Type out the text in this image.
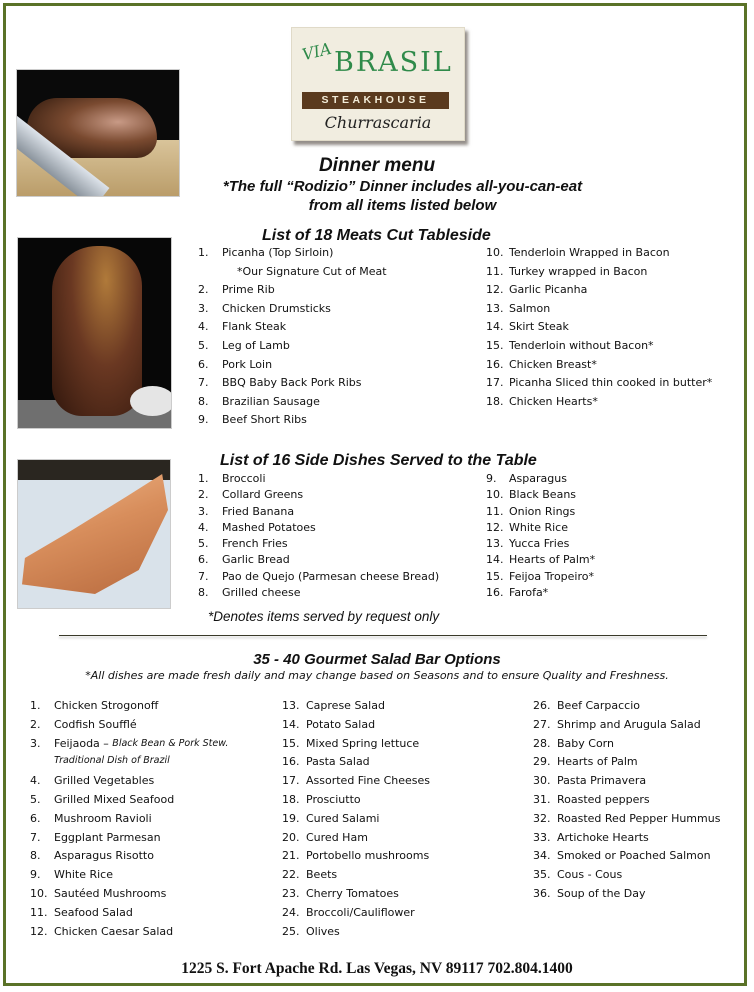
VIA BRASIL
STEAKHOUSE
Churrascaria
Dinner menu
*The full “Rodizio” Dinner includes all-you-can-eat
from all items listed below
List of 18 Meats Cut Tableside
1.	Picanha (Top Sirloin)
*Our Signature Cut of Meat
2.	Prime Rib
3.	Chicken Drumsticks
4.	Flank Steak
5.	Leg of Lamb
6.	Pork Loin
7.	BBQ Baby Back Pork Ribs
8.	Brazilian Sausage
9.	Beef Short Ribs
10. Tenderloin Wrapped in Bacon
11. Turkey wrapped in Bacon
12. Garlic Picanha
13. Salmon
14. Skirt Steak
15. Tenderloin without Bacon*
16. Chicken Breast*
17. Picanha Sliced thin cooked in butter*
18. Chicken Hearts*
List of 16 Side Dishes Served to the Table
1.	Broccoli
2.	Collard Greens
3.	Fried Banana
4.	Mashed Potatoes
5.	French Fries
6.	Garlic Bread
7.	Pao de Quejo (Parmesan cheese Bread)
8.	Grilled cheese
9.	Asparagus
10. Black Beans
11. Onion Rings
12. White Rice
13. Yucca Fries
14. Hearts of Palm*
15. Feijoa Tropeiro*
16. Farofa*
*Denotes items served by request only
35 - 40 Gourmet Salad Bar Options
*All dishes are made fresh daily and may change based on Seasons and to ensure Quality and Freshness.
1.	Chicken Strogonoff
2.	Codfish Soufflé
3.	Feijaoda –
Black Bean & Pork Stew.
Traditional Dish of Brazil
4.	Grilled Vegetables
5.	Grilled Mixed Seafood
6.	Mushroom Ravioli
7.	Eggplant Parmesan
8.	Asparagus Risotto
9.	White Rice
10. Sautéed Mushrooms
11. Seafood Salad
12. Chicken Caesar Salad
13. Caprese Salad
14. Potato Salad
15. Mixed Spring lettuce
16. Pasta Salad
17. Assorted Fine Cheeses
18. Prosciutto
19. Cured Salami
20. Cured Ham
21. Portobello mushrooms
22. Beets
23. Cherry Tomatoes
24. Broccoli/Cauliflower
25. Olives
26. Beef Carpaccio
27. Shrimp and Arugula Salad
28. Baby Corn
29. Hearts of Palm
30. Pasta Primavera
31. Roasted peppers
32. Roasted Red Pepper Hummus
33. Artichoke Hearts
34. Smoked or Poached Salmon
35. Cous - Cous
36. Soup of the Day
1225 S. Fort Apache Rd. Las Vegas, NV 89117 702.804.1400
